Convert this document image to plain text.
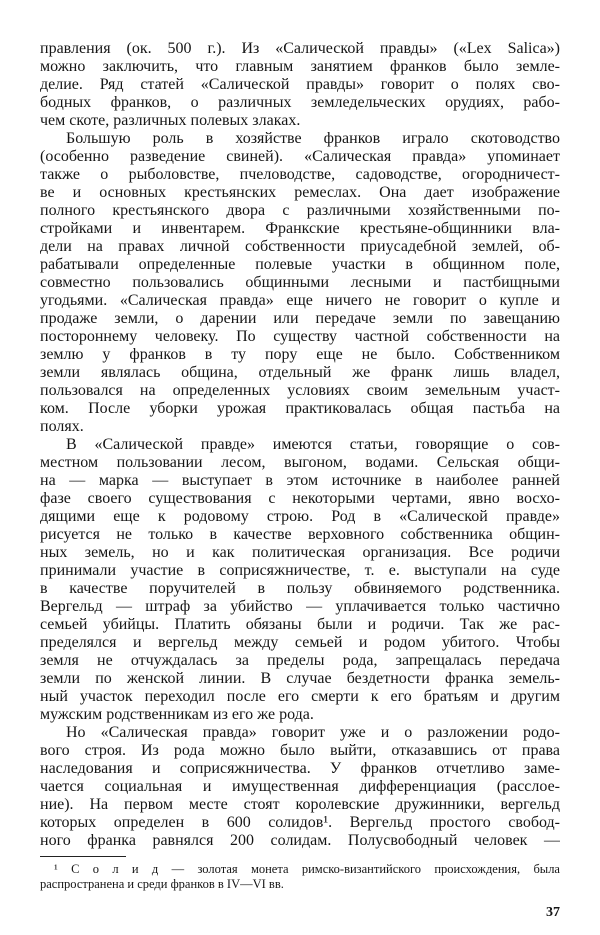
правления (ок. 500 г.). Из «Салической правды» («Lex Salica»)
можно заключить, что главным занятием франков было земле-
делие. Ряд статей «Салической правды» говорит о полях сво-
бодных франков, о различных земледельческих орудиях, рабо-
чем скоте, различных полевых злаках.
Большую роль в хозяйстве франков играло скотоводство
(особенно разведение свиней). «Салическая правда» упоминает
также о рыболовстве, пчеловодстве, садоводстве, огородничест-
ве и основных крестьянских ремеслах. Она дает изображение
полного крестьянского двора с различными хозяйственными по-
стройками и инвентарем. Франкские крестьяне-общинники вла-
дели на правах личной собственности приусадебной землей, об-
рабатывали определенные полевые участки в общинном поле,
совместно пользовались общинными лесными и пастбищными
угодьями. «Салическая правда» еще ничего не говорит о купле и
продаже земли, о дарении или передаче земли по завещанию
постороннему человеку. По существу частной собственности на
землю у франков в ту пору еще не было. Собственником
земли являлась община, отдельный же франк лишь владел,
пользовался на определенных условиях своим земельным участ-
ком. После уборки урожая практиковалась общая пастьба на
полях.
В «Салической правде» имеются статьи, говорящие о сов-
местном пользовании лесом, выгоном, водами. Сельская общи-
на — марка — выступает в этом источнике в наиболее ранней
фазе своего существования с некоторыми чертами, явно восхо-
дящими еще к родовому строю. Род в «Салической правде»
рисуется не только в качестве верховного собственника общин-
ных земель, но и как политическая организация. Все родичи
принимали участие в соприсяжничестве, т. е. выступали на суде
в качестве поручителей в пользу обвиняемого родственника.
Вергельд — штраф за убийство — уплачивается только частично
семьей убийцы. Платить обязаны были и родичи. Так же рас-
пределялся и вергельд между семьей и родом убитого. Чтобы
земля не отчуждалась за пределы рода, запрещалась передача
земли по женской линии. В случае бездетности франка земель-
ный участок переходил после его смерти к его братьям и другим
мужским родственникам из его же рода.
Но «Салическая правда» говорит уже и о разложении родо-
вого строя. Из рода можно было выйти, отказавшись от права
наследования и соприсяжничества. У франков отчетливо заме-
чается социальная и имущественная дифференциация (расслое-
ние). На первом месте стоят королевские дружинники, вергельд
которых определен в 600 солидов¹. Вергельд простого свобод-
ного франка равнялся 200 солидам. Полусвободный человек —
¹ С о л и д — золотая монета римско-византийского происхождения, была
распространена и среди франков в IV—VI вв.
37
